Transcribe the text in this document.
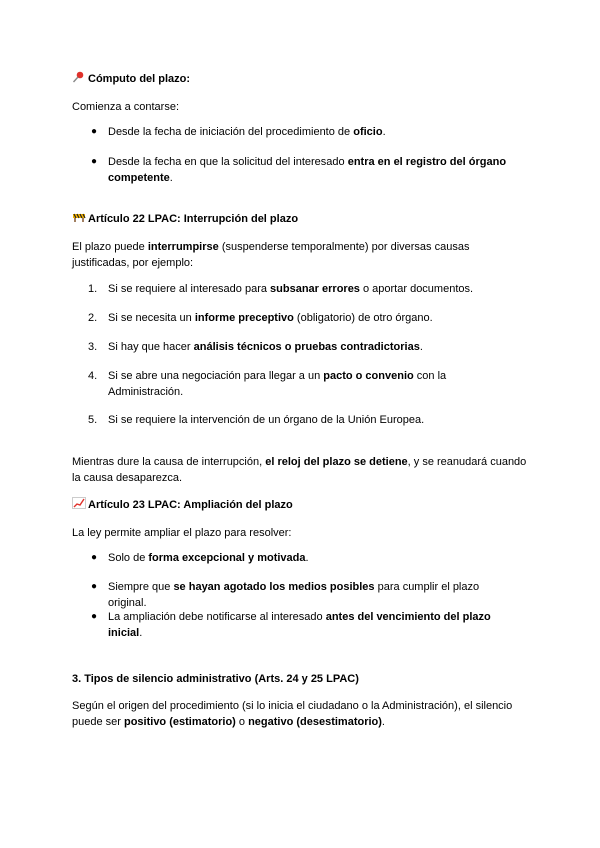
Cómputo del plazo:

Comienza a contarse:

● Desde la fecha de iniciación del procedimiento de oficio.
● Desde la fecha en que la solicitud del interesado entra en el registro del órgano competente.
Artículo 22 LPAC: Interrupción del plazo

El plazo puede interrumpirse (suspenderse temporalmente) por diversas causas justificadas, por ejemplo:

1. Si se requiere al interesado para subsanar errores o aportar documentos.
2. Si se necesita un informe preceptivo (obligatorio) de otro órgano.
3. Si hay que hacer análisis técnicos o pruebas contradictorias.
4. Si se abre una negociación para llegar a un pacto o convenio con la Administración.
5. Si se requiere la intervención de un órgano de la Unión Europea.

Mientras dure la causa de interrupción, el reloj del plazo se detiene, y se reanudará cuando la causa desaparezca.

Artículo 23 LPAC: Ampliación del plazo

La ley permite ampliar el plazo para resolver:

● Solo de forma excepcional y motivada.
● Siempre que se hayan agotado los medios posibles para cumplir el plazo original.
● La ampliación debe notificarse al interesado antes del vencimiento del plazo inicial.
3. Tipos de silencio administrativo (Arts. 24 y 25 LPAC)

Según el origen del procedimiento (si lo inicia el ciudadano o la Administración), el silencio puede ser positivo (estimatorio) o negativo (desestimatorio).
